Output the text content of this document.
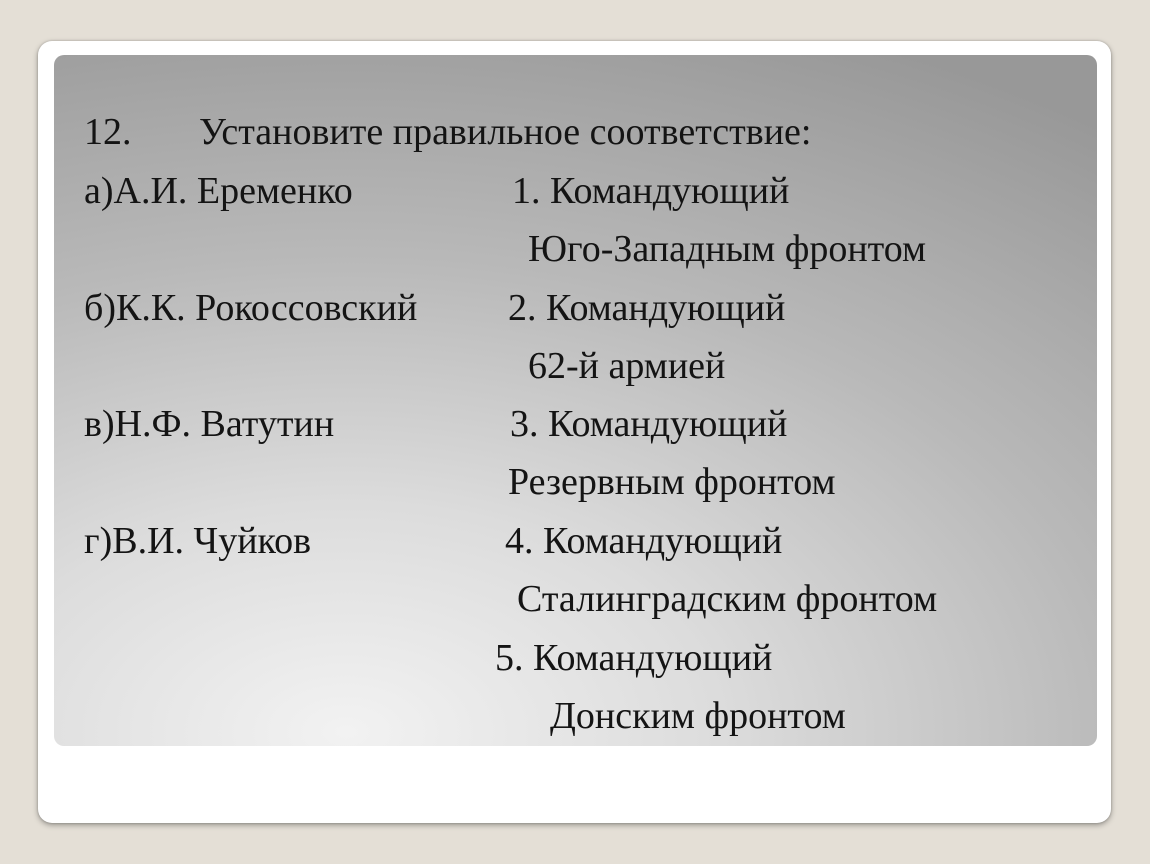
12. Установите правильное соответствие:
а)А.И. Еременко	1. Командующий
Юго-Западным фронтом
б)К.К. Рокоссовский 2. Командующий
62-й армией
в)Н.Ф. Ватутин	3. Командующий
Резервным фронтом
г)В.И. Чуйков	4. Командующий
Сталинградским фронтом
5. Командующий
Донским фронтом
